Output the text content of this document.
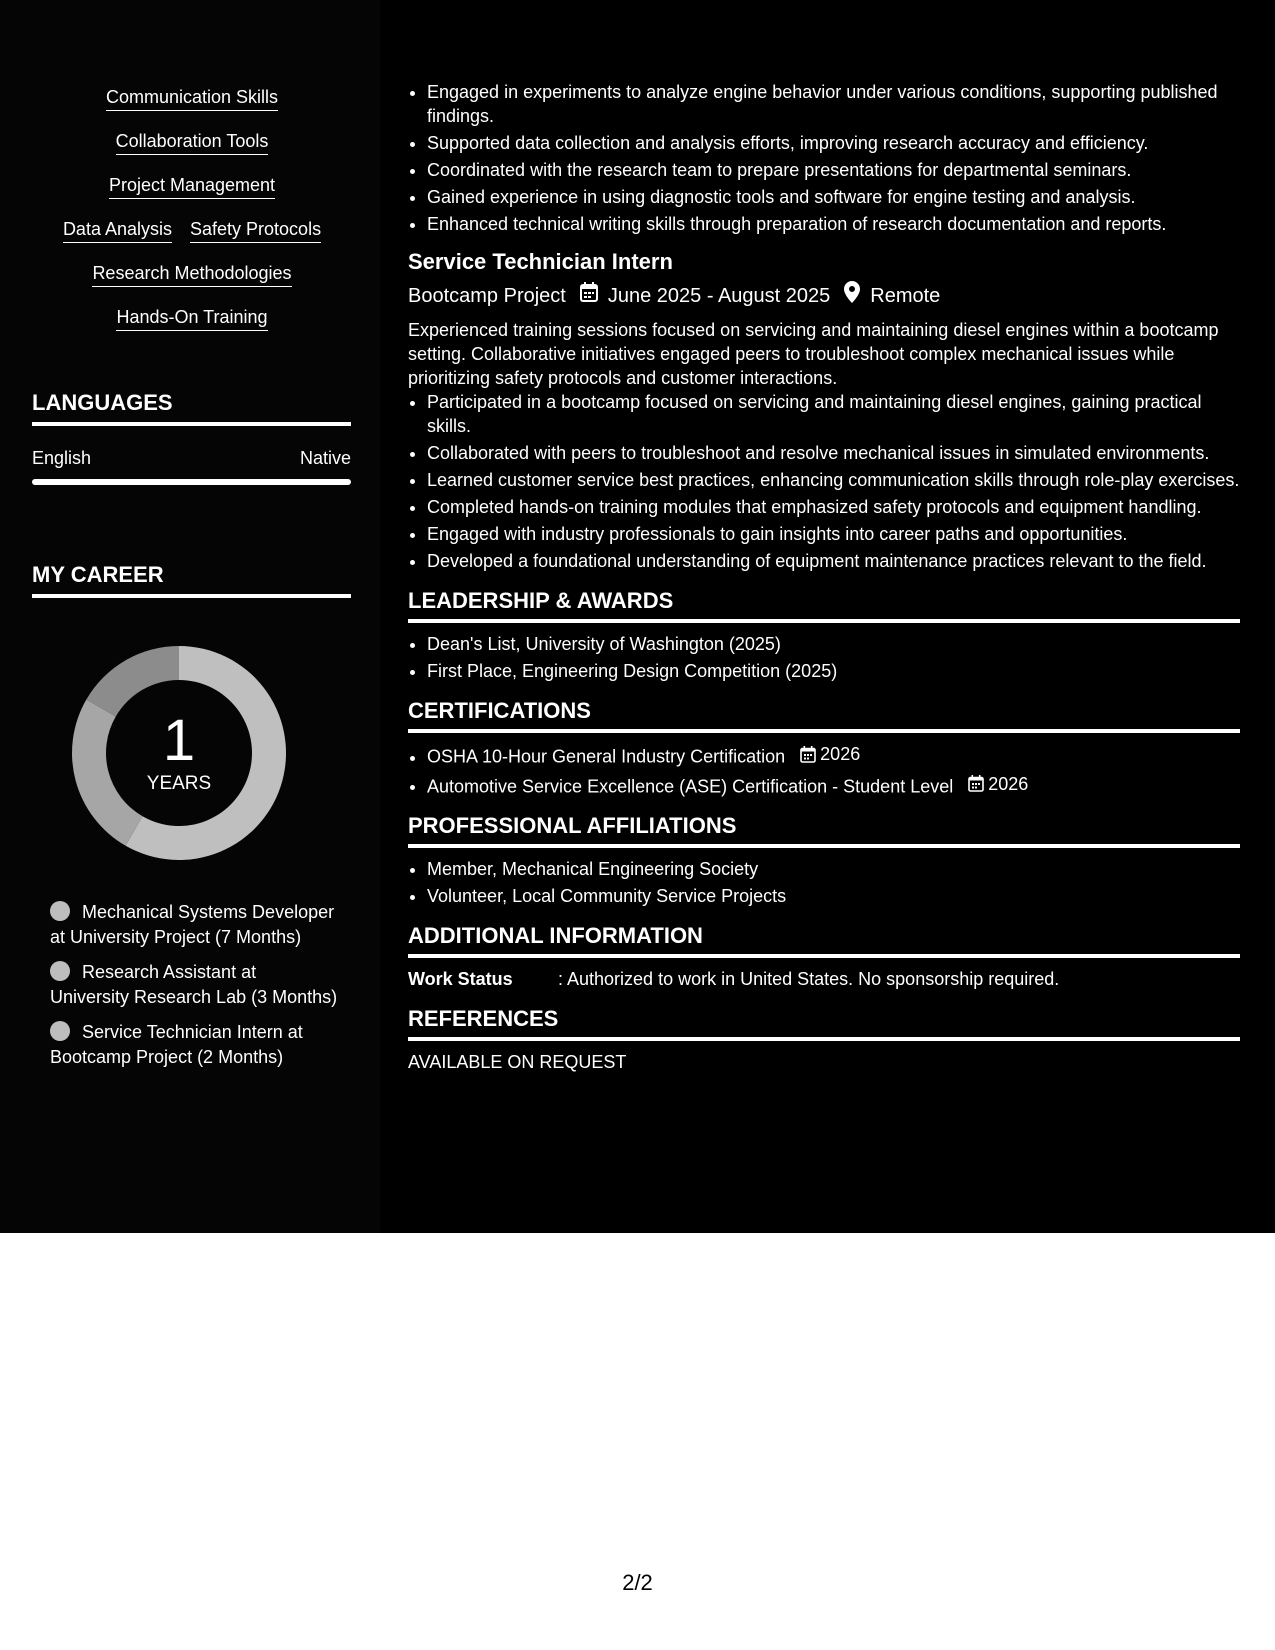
Communication Skills
Collaboration Tools
Project Management
Data Analysis Safety Protocols
Research Methodologies
Hands-On Training
LANGUAGES
English	Native
MY CAREER
1
YEARS
Mechanical Systems Developer at University Project (7 Months)
Research Assistant at University Research Lab (3 Months)
Service Technician Intern at Bootcamp Project (2 Months)
• Engaged in experiments to analyze engine behavior under various conditions, supporting published findings.
• Supported data collection and analysis efforts, improving research accuracy and efficiency.
• Coordinated with the research team to prepare presentations for departmental seminars.
• Gained experience in using diagnostic tools and software for engine testing and analysis.
• Enhanced technical writing skills through preparation of research documentation and reports.
Service Technician Intern
Bootcamp Project June 2025 - August 2025 Remote
Experienced training sessions focused on servicing and maintaining diesel engines within a bootcamp setting. Collaborative initiatives engaged peers to troubleshoot complex mechanical issues while prioritizing safety protocols and customer interactions.
• Participated in a bootcamp focused on servicing and maintaining diesel engines, gaining practical skills.
• Collaborated with peers to troubleshoot and resolve mechanical issues in simulated environments.
• Learned customer service best practices, enhancing communication skills through role-play exercises.
• Completed hands-on training modules that emphasized safety protocols and equipment handling.
• Engaged with industry professionals to gain insights into career paths and opportunities.
• Developed a foundational understanding of equipment maintenance practices relevant to the field.
LEADERSHIP & AWARDS
• Dean's List, University of Washington (2025)
• First Place, Engineering Design Competition (2025)
CERTIFICATIONS
• OSHA 10-Hour General Industry Certification 2026
• Automotive Service Excellence (ASE) Certification - Student Level 2026
PROFESSIONAL AFFILIATIONS
• Member, Mechanical Engineering Society
• Volunteer, Local Community Service Projects
ADDITIONAL INFORMATION
Work Status	: Authorized to work in United States. No sponsorship required.
REFERENCES
AVAILABLE ON REQUEST
2/2
